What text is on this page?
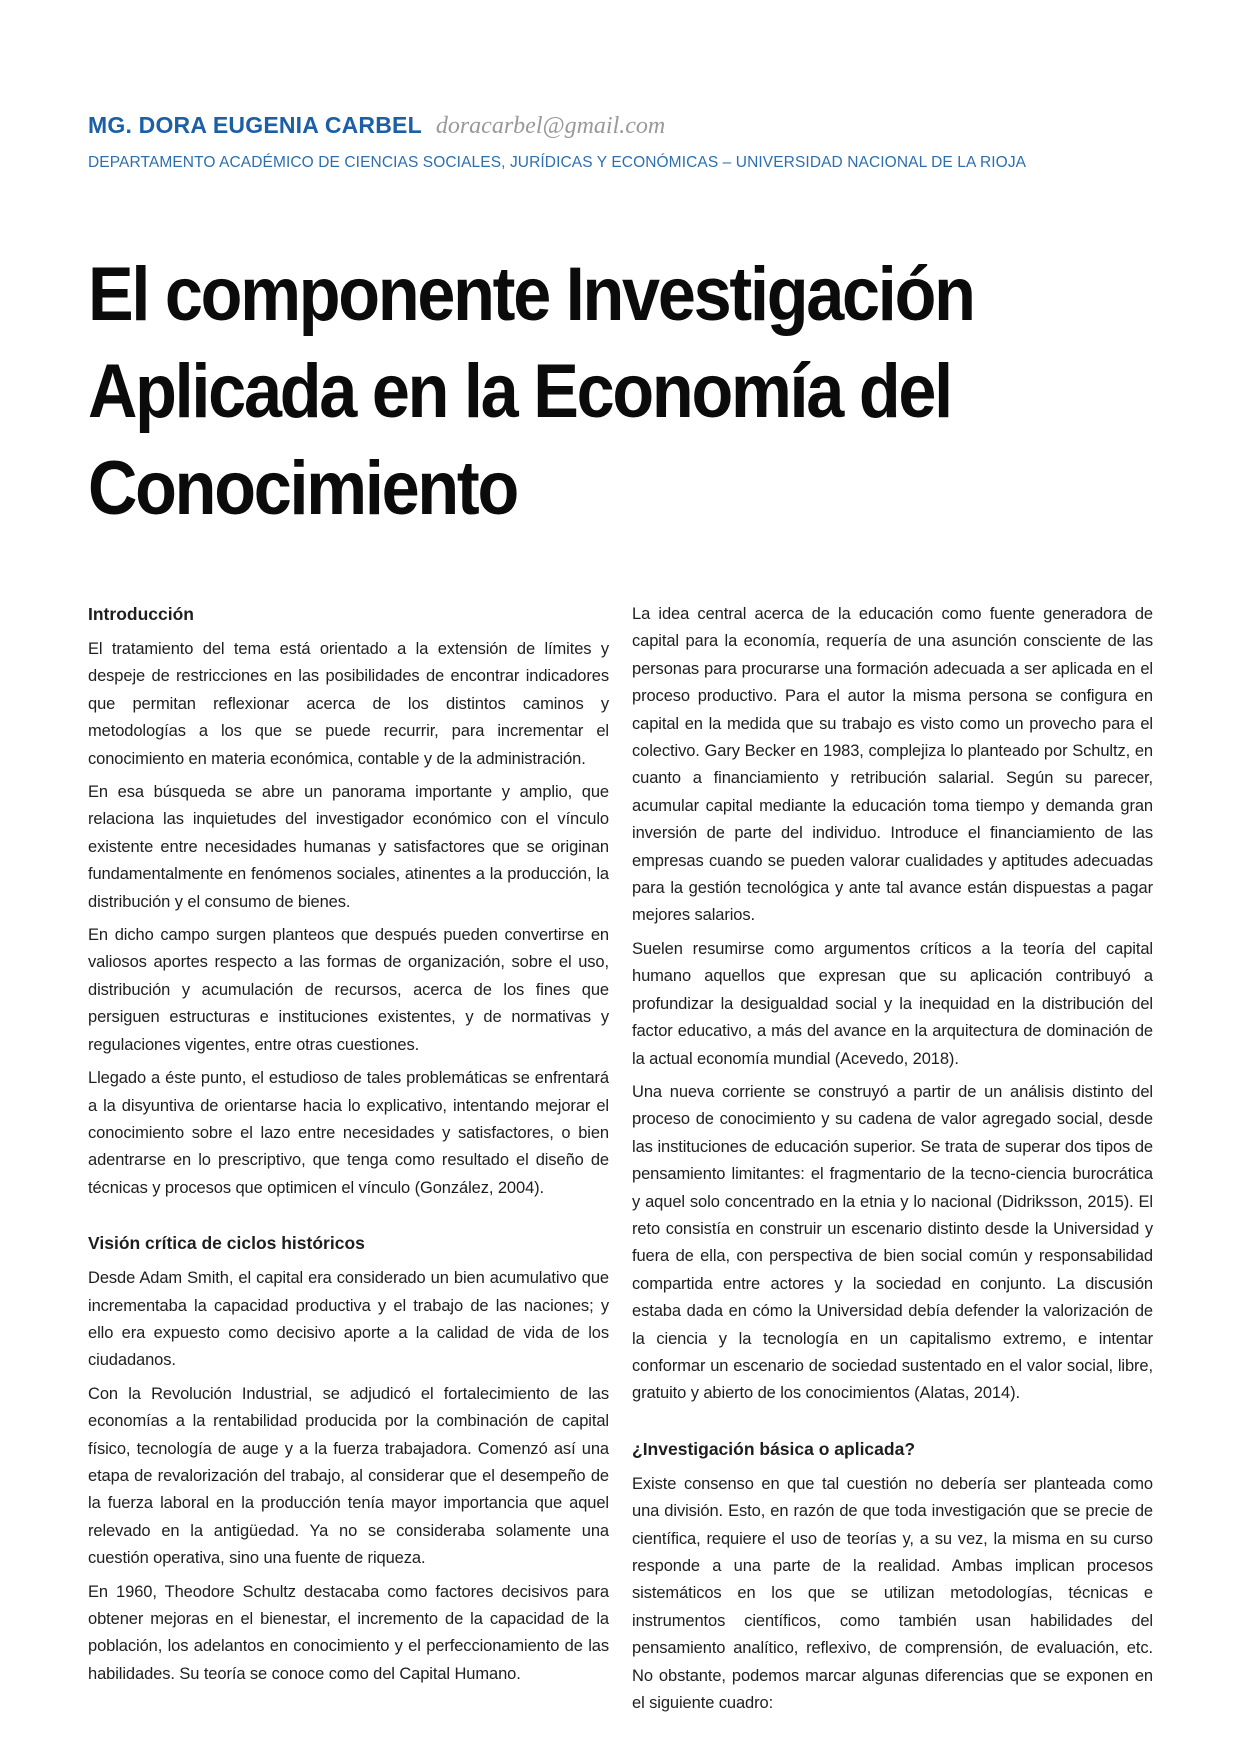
MG. DORA EUGENIA CARBEL doracarbel@gmail.com
DEPARTAMENTO ACADÉMICO DE CIENCIAS SOCIALES, JURÍDICAS Y ECONÓMICAS – UNIVERSIDAD NACIONAL DE LA RIOJA
El componente Investigación
Aplicada en la Economía del
Conocimiento
Introducción

El tratamiento del tema está orientado a la extensión de límites y despeje de restricciones en las posibilidades de encontrar indicadores que permitan reflexionar acerca de los distintos caminos y metodologías a los que se puede recurrir, para incrementar el conocimiento en materia económica, contable y de la administración.

En esa búsqueda se abre un panorama importante y amplio, que relaciona las inquietudes del investigador económico con el vínculo existente entre necesidades humanas y satisfactores que se originan fundamentalmente en fenómenos sociales, atinentes a la producción, la distribución y el consumo de bienes.

En dicho campo surgen planteos que después pueden convertirse en valiosos aportes respecto a las formas de organización, sobre el uso, distribución y acumulación de recursos, acerca de los fines que persiguen estructuras e instituciones existentes, y de normativas y regulaciones vigentes, entre otras cuestiones.

Llegado a éste punto, el estudioso de tales problemáticas se enfrentará a la disyuntiva de orientarse hacia lo explicativo, intentando mejorar el conocimiento sobre el lazo entre necesidades y satisfactores, o bien adentrarse en lo prescriptivo, que tenga como resultado el diseño de técnicas y procesos que optimicen el vínculo (González, 2004).

Visión crítica de ciclos históricos

Desde Adam Smith, el capital era considerado un bien acumulativo que incrementaba la capacidad productiva y el trabajo de las naciones; y ello era expuesto como decisivo aporte a la calidad de vida de los ciudadanos.

Con la Revolución Industrial, se adjudicó el fortalecimiento de las economías a la rentabilidad producida por la combinación de capital físico, tecnología de auge y a la fuerza trabajadora. Comenzó así una etapa de revalorización del trabajo, al considerar que el desempeño de la fuerza laboral en la producción tenía mayor importancia que aquel relevado en la antigüedad. Ya no se consideraba solamente una cuestión operativa, sino una fuente de riqueza.

En 1960, Theodore Schultz destacaba como factores decisivos para obtener mejoras en el bienestar, el incremento de la capacidad de la población, los adelantos en conocimiento y el perfeccionamiento de las habilidades. Su teoría se conoce como del Capital Humano.

La idea central acerca de la educación como fuente generadora de capital para la economía, requería de una asunción consciente de las personas para procurarse una formación adecuada a ser aplicada en el proceso productivo. Para el autor la misma persona se configura en capital en la medida que su trabajo es visto como un provecho para el colectivo. Gary Becker en 1983, complejiza lo planteado por Schultz, en cuanto a financiamiento y retribución salarial. Según su parecer, acumular capital mediante la educación toma tiempo y demanda gran inversión de parte del individuo. Introduce el financiamiento de las empresas cuando se pueden valorar cualidades y aptitudes adecuadas para la gestión tecnológica y ante tal avance están dispuestas a pagar mejores salarios.

Suelen resumirse como argumentos críticos a la teoría del capital humano aquellos que expresan que su aplicación contribuyó a profundizar la desigualdad social y la inequidad en la distribución del factor educativo, a más del avance en la arquitectura de dominación de la actual economía mundial (Acevedo, 2018).

Una nueva corriente se construyó a partir de un análisis distinto del proceso de conocimiento y su cadena de valor agregado social, desde las instituciones de educación superior. Se trata de superar dos tipos de pensamiento limitantes: el fragmentario de la tecno-ciencia burocrática y aquel solo concentrado en la etnia y lo nacional (Didriksson, 2015). El reto consistía en construir un escenario distinto desde la Universidad y fuera de ella, con perspectiva de bien social común y responsabilidad compartida entre actores y la sociedad en conjunto. La discusión estaba dada en cómo la Universidad debía defender la valorización de la ciencia y la tecnología en un capitalismo extremo, e intentar conformar un escenario de sociedad sustentado en el valor social, libre, gratuito y abierto de los conocimientos (Alatas, 2014).

¿Investigación básica o aplicada?

Existe consenso en que tal cuestión no debería ser planteada como una división. Esto, en razón de que toda investigación que se precie de científica, requiere el uso de teorías y, a su vez, la misma en su curso responde a una parte de la realidad. Ambas implican procesos sistemáticos en los que se utilizan metodologías, técnicas e instrumentos científicos, como también usan habilidades del pensamiento analítico, reflexivo, de comprensión, de evaluación, etc. No obstante, podemos marcar algunas diferencias que se exponen en el siguiente cuadro:
